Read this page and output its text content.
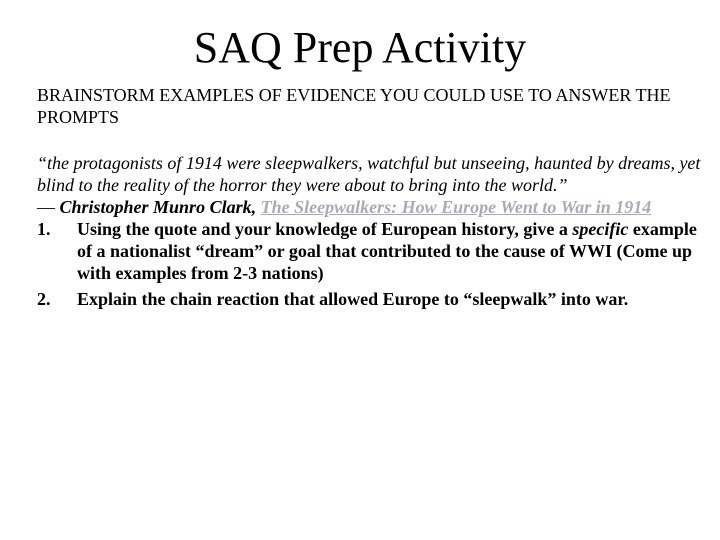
SAQ Prep Activity

BRAINSTORM EXAMPLES OF EVIDENCE YOU COULD USE TO ANSWER THE PROMPTS

“the protagonists of 1914 were sleepwalkers, watchful but unseeing, haunted by dreams, yet blind to the reality of the horror they were about to bring into the world.”

— Christopher Munro Clark, The Sleepwalkers: How Europe Went to War in 1914

1. Using the quote and your knowledge of European history, give a specific example of a nationalist “dream” or goal that contributed to the cause of WWI (Come up with examples from 2-3 nations)
2. Explain the chain reaction that allowed Europe to “sleepwalk” into war.
